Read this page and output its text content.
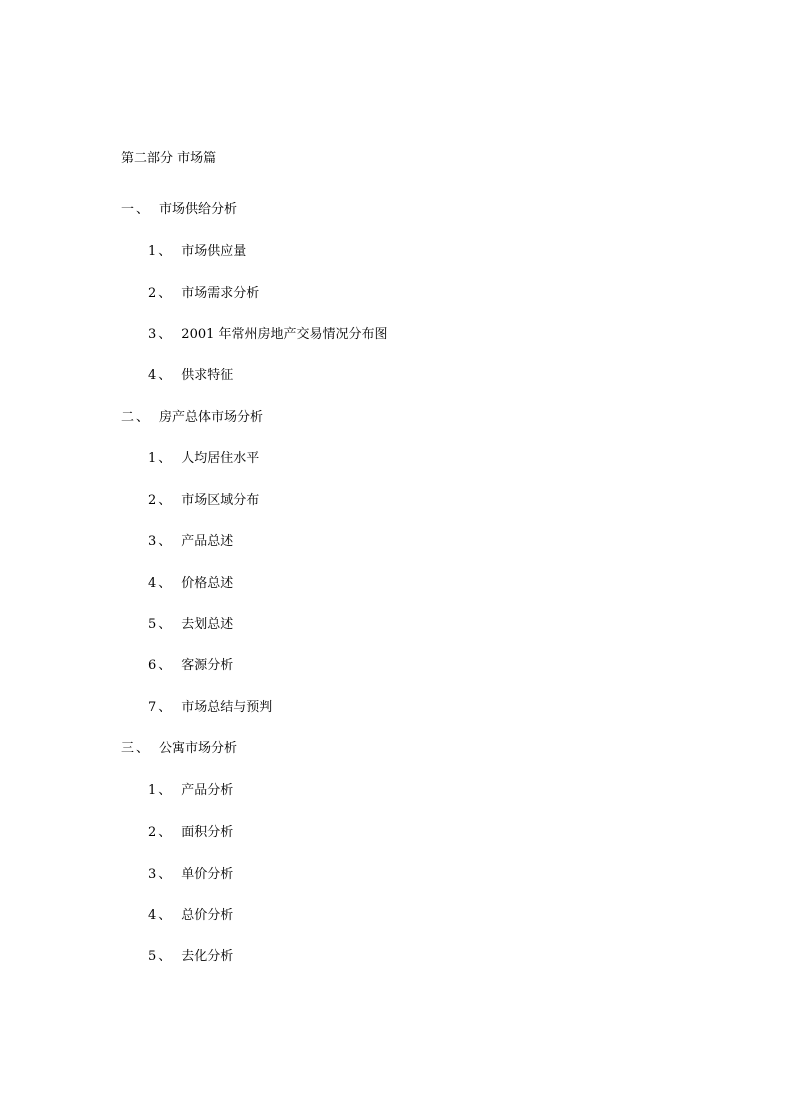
第二部分 市场篇
一 、 市场供给分析
1 、 市场供应量
2 、 市场需求分析
3 、 2001 年常州房地产交易情况分布图
4 、 供求特征
二 、 房产总体市场分析
1 、 人均居住水平
2 、 市场区域分布
3 、 产品总述
4 、 价格总述
5 、 去划总述
6 、 客源分析
7 、 市场总结与预判
三 、 公寓市场分析
1 、 产品分析
2 、 面积分析
3 、 单价分析
4 、 总价分析
5 、 去化分析
